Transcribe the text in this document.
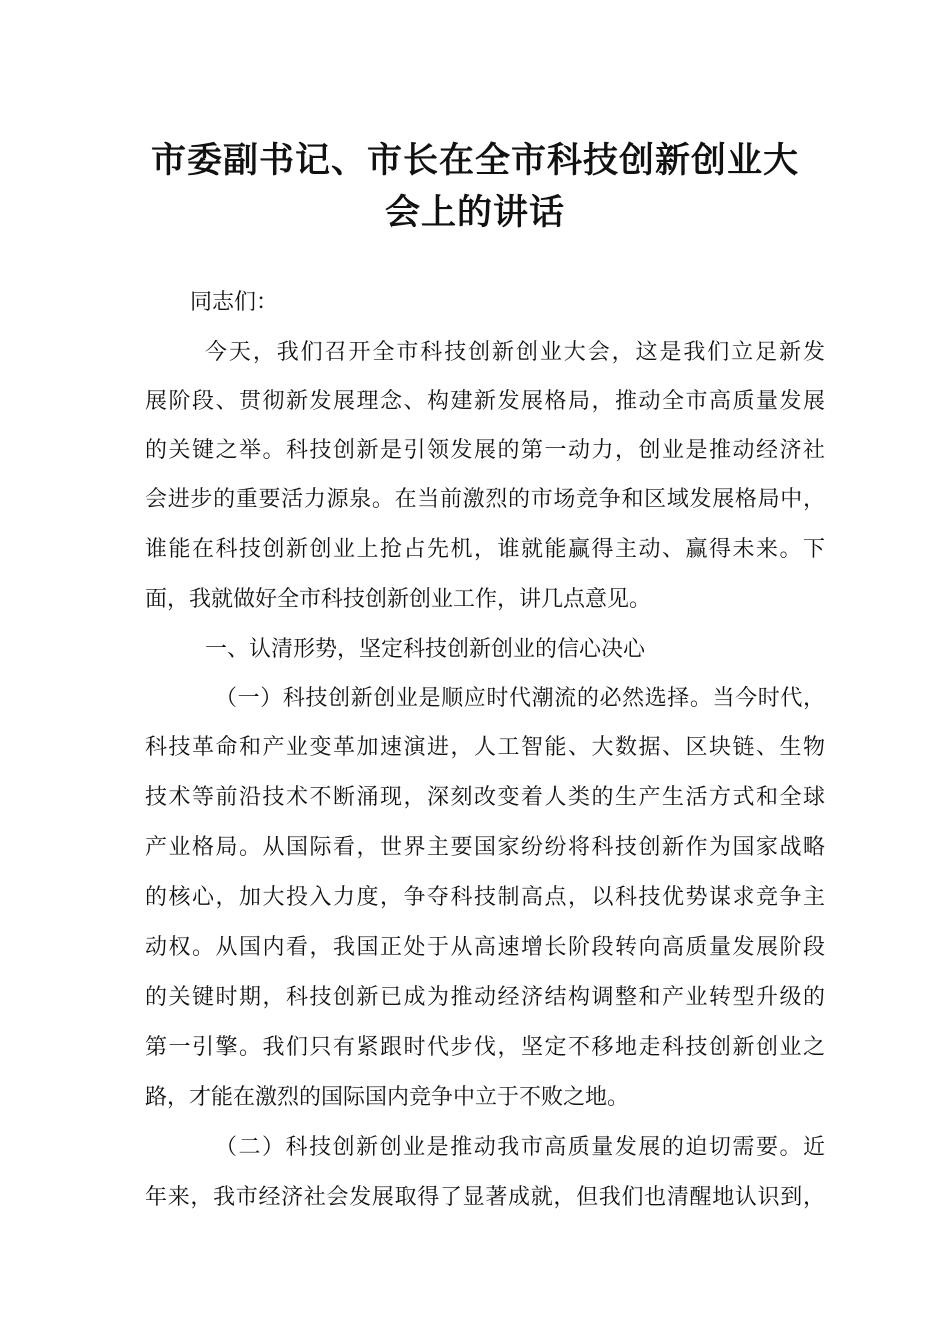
市委副书记、市长在全市科技创新创业大
会上的讲话

同志们：

今天，我们召开全市科技创新创业大会，这是我们立足新发

展阶段、贯彻新发展理念、构建新发展格局，推动全市高质量发展

的关键之举。科技创新是引领发展的第一动力，创业是推动经济社

会进步的重要活力源泉。在当前激烈的市场竞争和区域发展格局中，

谁能在科技创新创业上抢占先机，谁就能赢得主动、赢得未来。下

面，我就做好全市科技创新创业工作，讲几点意见。

一、认清形势，坚定科技创新创业的信心决心

（一）科技创新创业是顺应时代潮流的必然选择。当今时代，

科技革命和产业变革加速演进，人工智能、大数据、区块链、生物

技术等前沿技术不断涌现，深刻改变着人类的生产生活方式和全球

产业格局。从国际看，世界主要国家纷纷将科技创新作为国家战略

的核心，加大投入力度，争夺科技制高点，以科技优势谋求竞争主

动权。从国内看，我国正处于从高速增长阶段转向高质量发展阶段

的关键时期，科技创新已成为推动经济结构调整和产业转型升级的

第一引擎。我们只有紧跟时代步伐，坚定不移地走科技创新创业之

路，才能在激烈的国际国内竞争中立于不败之地。

（二）科技创新创业是推动我市高质量发展的迫切需要。近

年来，我市经济社会发展取得了显著成就，但我们也清醒地认识到，
